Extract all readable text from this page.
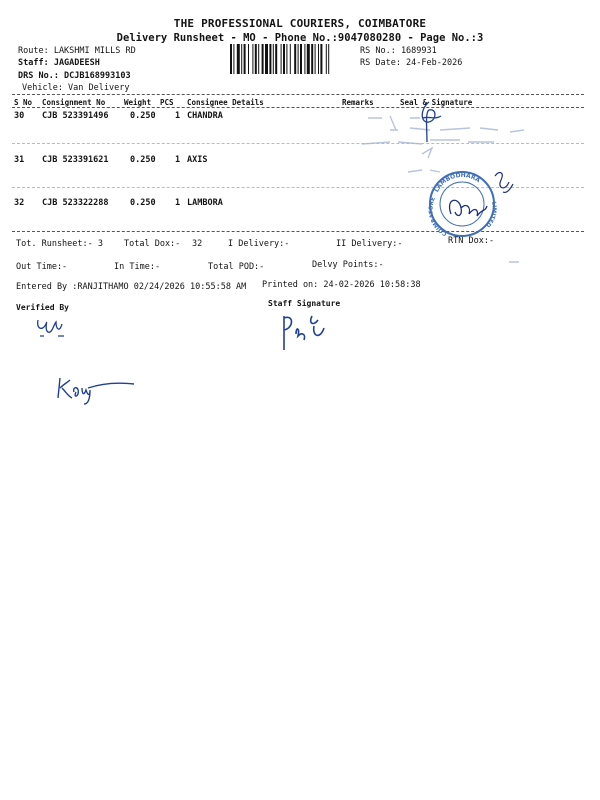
THE PROFESSIONAL COURIERS, COIMBATORE
Delivery Runsheet - MO - Phone No.:9047080280 - Page No.:3
Route: LAKSHMI MILLS RD
Staff: JAGADEESH
DRS No.: DCJB168993103
Vehicle: Van Delivery
RS No.: 1689931
RS Date: 24-Feb-2026
S No Consignment No	Weight PCS Consignee Details	Remarks	Seal & Signature
30 CJB 523391496	0.250 1 CHANDRA
31 CJB 523391621	0.250 1 AXIS
32 CJB 523322288	0.250 1 LAMBORA
Tot. Runsheet:- 3 Total Dox:- 32	I Delivery:-	II Delivery:-	RTN Dox:-
Out Time:-	In Time:-	Total POD:-	Delvy Points:-
Entered By :RANJITHAMO 02/24/2026 10:55:58 AM Printed on: 24-02-2026 10:58:38
Verified By	Staff Signature
LAMBODHARA
COIMBATORE
LIMITED
